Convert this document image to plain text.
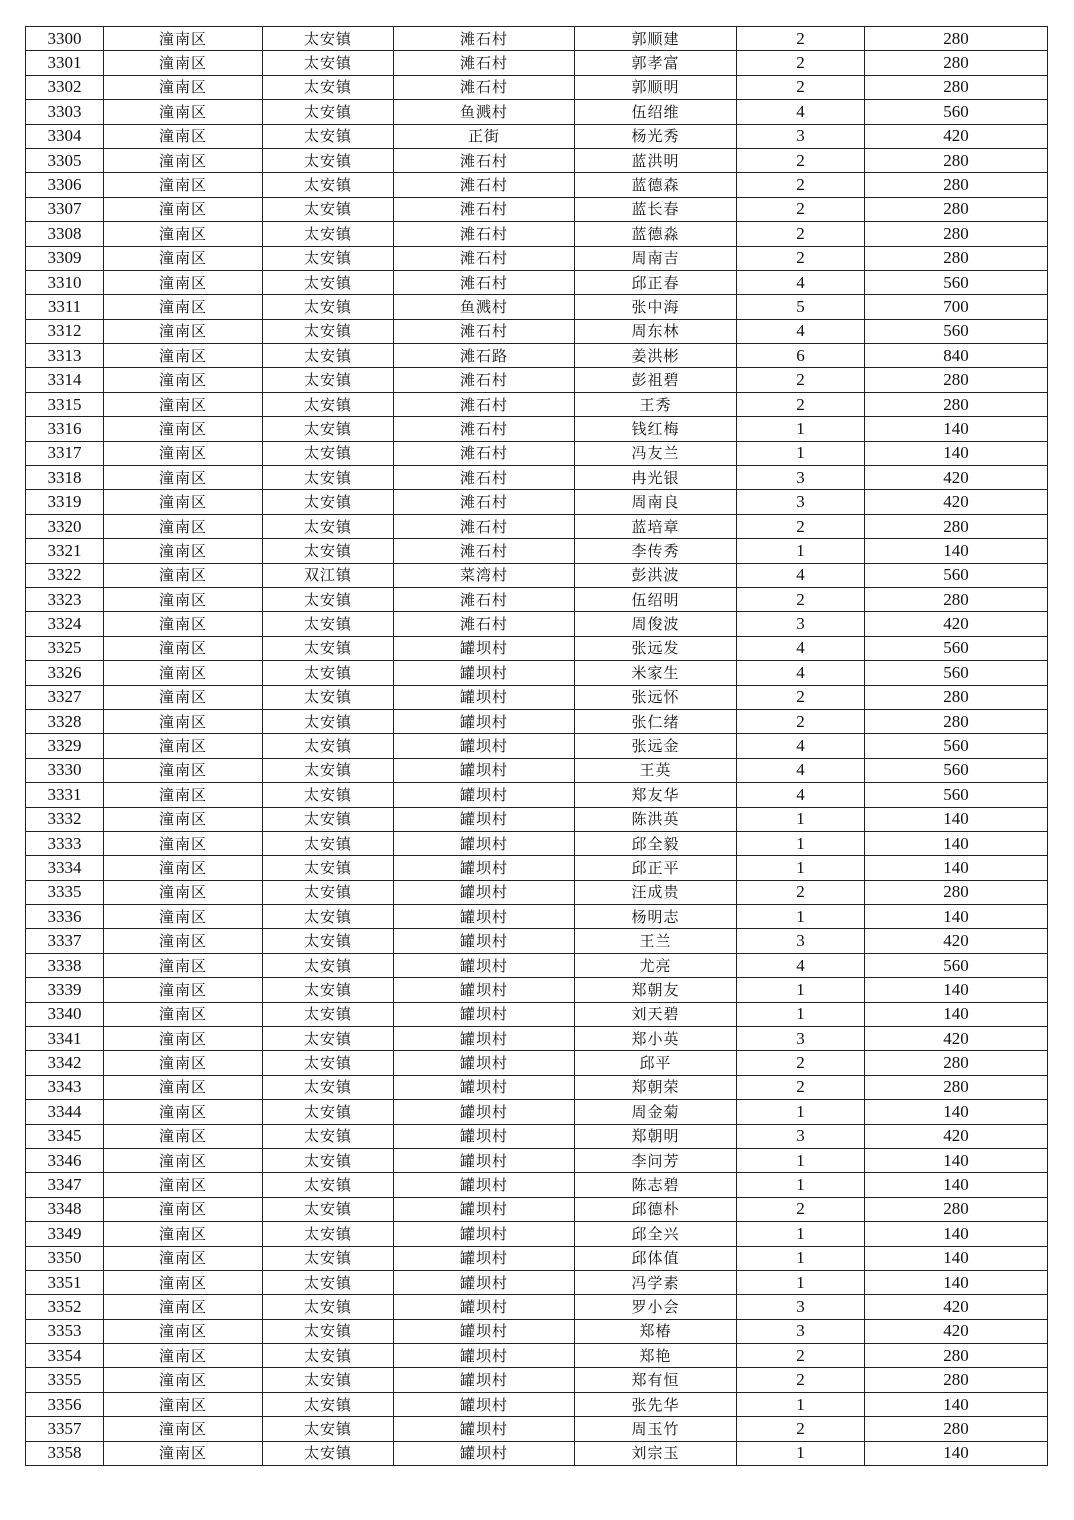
3300	潼南区	太安镇	滩石村	郭顺建	2	280
3301	潼南区	太安镇	滩石村	郭孝富	2	280
3302	潼南区	太安镇	滩石村	郭顺明	2	280
3303	潼南区	太安镇	鱼溅村	伍绍维	4	560
3304	潼南区	太安镇	正街	杨光秀	3	420
3305	潼南区	太安镇	滩石村	蓝洪明	2	280
3306	潼南区	太安镇	滩石村	蓝德森	2	280
3307	潼南区	太安镇	滩石村	蓝长春	2	280
3308	潼南区	太安镇	滩石村	蓝德淼	2	280
3309	潼南区	太安镇	滩石村	周南吉	2	280
3310	潼南区	太安镇	滩石村	邱正春	4	560
3311	潼南区	太安镇	鱼溅村	张中海	5	700
3312	潼南区	太安镇	滩石村	周东林	4	560
3313	潼南区	太安镇	滩石路	姜洪彬	6	840
3314	潼南区	太安镇	滩石村	彭祖碧	2	280
3315	潼南区	太安镇	滩石村	王秀	2	280
3316	潼南区	太安镇	滩石村	钱红梅	1	140
3317	潼南区	太安镇	滩石村	冯友兰	1	140
3318	潼南区	太安镇	滩石村	冉光银	3	420
3319	潼南区	太安镇	滩石村	周南良	3	420
3320	潼南区	太安镇	滩石村	蓝培章	2	280
3321	潼南区	太安镇	滩石村	李传秀	1	140
3322	潼南区	双江镇	菜湾村	彭洪波	4	560
3323	潼南区	太安镇	滩石村	伍绍明	2	280
3324	潼南区	太安镇	滩石村	周俊波	3	420
3325	潼南区	太安镇	罐坝村	张远发	4	560
3326	潼南区	太安镇	罐坝村	米家生	4	560
3327	潼南区	太安镇	罐坝村	张远怀	2	280
3328	潼南区	太安镇	罐坝村	张仁绪	2	280
3329	潼南区	太安镇	罐坝村	张远金	4	560
3330	潼南区	太安镇	罐坝村	王英	4	560
3331	潼南区	太安镇	罐坝村	郑友华	4	560
3332	潼南区	太安镇	罐坝村	陈洪英	1	140
3333	潼南区	太安镇	罐坝村	邱全毅	1	140
3334	潼南区	太安镇	罐坝村	邱正平	1	140
3335	潼南区	太安镇	罐坝村	汪成贵	2	280
3336	潼南区	太安镇	罐坝村	杨明志	1	140
3337	潼南区	太安镇	罐坝村	王兰	3	420
3338	潼南区	太安镇	罐坝村	尤亮	4	560
3339	潼南区	太安镇	罐坝村	郑朝友	1	140
3340	潼南区	太安镇	罐坝村	刘天碧	1	140
3341	潼南区	太安镇	罐坝村	郑小英	3	420
3342	潼南区	太安镇	罐坝村	邱平	2	280
3343	潼南区	太安镇	罐坝村	郑朝荣	2	280
3344	潼南区	太安镇	罐坝村	周金菊	1	140
3345	潼南区	太安镇	罐坝村	郑朝明	3	420
3346	潼南区	太安镇	罐坝村	李问芳	1	140
3347	潼南区	太安镇	罐坝村	陈志碧	1	140
3348	潼南区	太安镇	罐坝村	邱德朴	2	280
3349	潼南区	太安镇	罐坝村	邱全兴	1	140
3350	潼南区	太安镇	罐坝村	邱体值	1	140
3351	潼南区	太安镇	罐坝村	冯学素	1	140
3352	潼南区	太安镇	罐坝村	罗小会	3	420
3353	潼南区	太安镇	罐坝村	郑椿	3	420
3354	潼南区	太安镇	罐坝村	郑艳	2	280
3355	潼南区	太安镇	罐坝村	郑有恒	2	280
3356	潼南区	太安镇	罐坝村	张先华	1	140
3357	潼南区	太安镇	罐坝村	周玉竹	2	280
3358	潼南区	太安镇	罐坝村	刘宗玉	1	140
